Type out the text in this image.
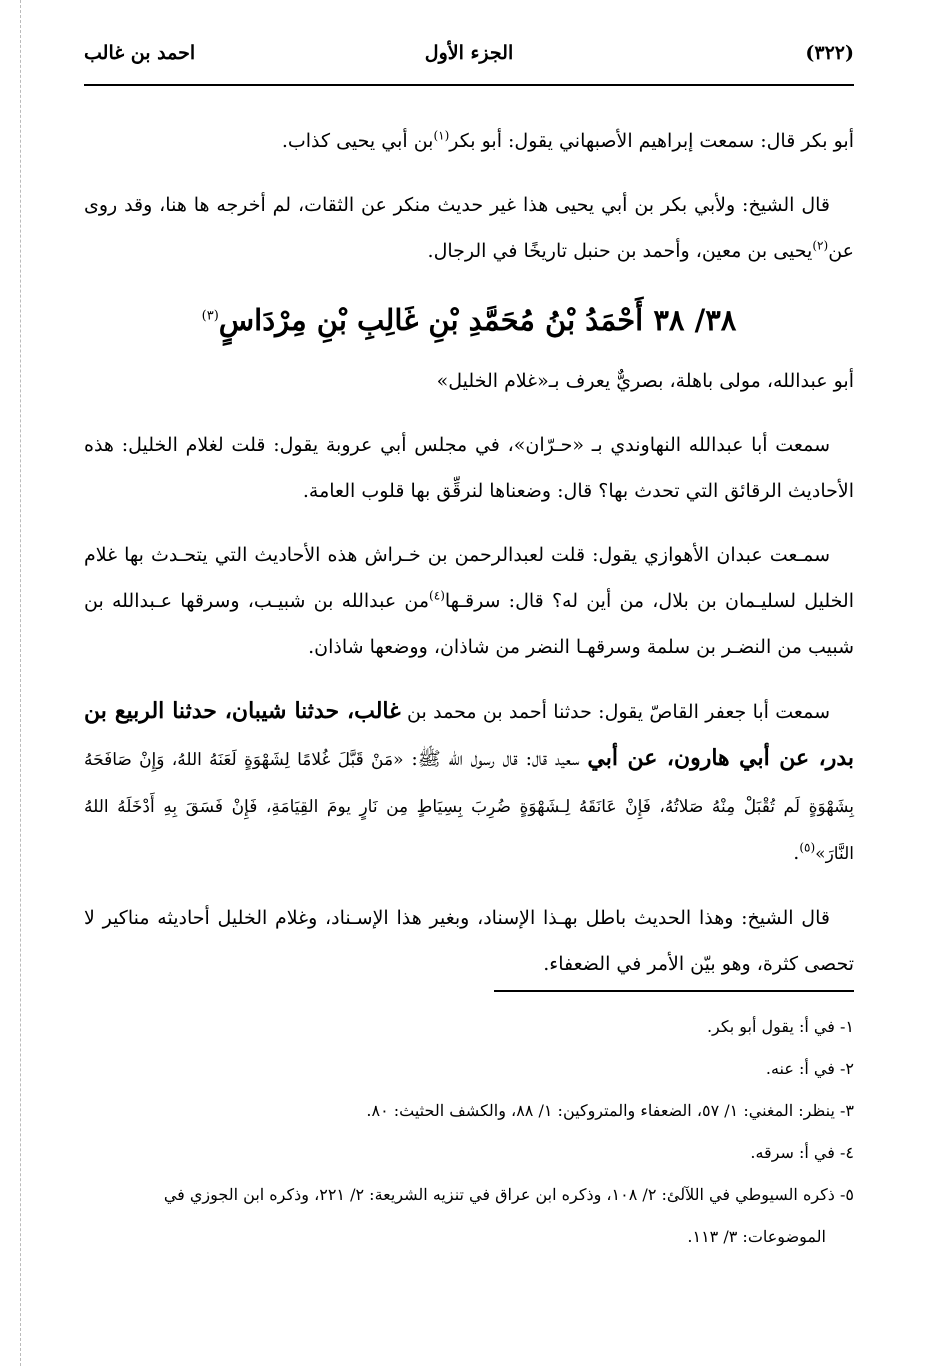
(٣٢٢)
الجزء الأول
احمد بن غالب

أبو بكر قال: سمعت إبراهيم الأصبهاني يقول: أبو بكر$^{(١)}$بن أبي يحيى كذاب.

قال الشيخ: ولأبي بكر بن أبي يحيى هذا غير حديث منكر عن الثقات، لم أخرجه ها هنا، وقد روى عن$^{(٢)}$يحيى بن معين، وأحمد بن حنبل تاريخًا في الرجال.

٣٨/ ٣٨ أَحْمَدُ بْنُ مُحَمَّدِ بْنِ غَالِبِ بْنِ مِرْدَاسٍ$^{(٣)}$

أبو عبدالله، مولى باهلة، بصريٌّ يعرف بـ«غلام الخليل»

سمعت أبا عبدالله النهاوندي بـ «حـرّان»، في مجلس أبي عروبة يقول: قلت لغلام الخليل: هذه الأحاديث الرقائق التي تحدث بها؟ قال: وضعناها لنرقِّق بها قلوب العامة.

سمـعت عبدان الأهوازي يقول: قلت لعبدالرحمن بن خـراش هذه الأحاديث التي يتحـدث بها غلام الخليل لسليـمان بن بلال، من أين له؟ قال: سرقـها$^{(٤)}$من عبدالله بن شبيـب، وسرقها عـبدالله بن شبيب من النضـر بن سلمة وسرقهـا النضر من شاذان، ووضعها شاذان.

سمعت أبا جعفر القاصّ يقول: حدثنا أحمد بن محمد بن غالب، حدثنا شيبان، حدثنا الربيع بن بدر، عن أبي هارون، عن أبي سعيد قال: قال رسول الله ﷺ: «مَنْ قَبَّلَ غُلامًا لِشَهْوَةٍ لَعَنَهُ اللهُ، وَإِنْ صَافَحَهُ بِشَهْوَةٍ لَم تُقْبَلْ مِنْهُ صَلاتُهُ، فَإِنْ عَانَقَهُ لِـشَهْوَةٍ ضُرِبَ بِسِيَاطٍ مِن نَارٍ يومَ القِيَامَةِ، فَإِنْ فَسَقَ بِهِ أَدْخَلَهُ اللهُ النَّارَ»$^{(٥)}$.

قال الشيخ: وهذا الحديث باطل بهـذا الإسناد، وبغير هذا الإسـناد، وغلام الخليل أحاديثه مناكير لا تحصى كثرة، وهو بيّن الأمر في الضعفاء.

١- في أ: يقول أبو بكر.
٢- في أ: عنه.
٣- ينظر: المغني: ١/ ٥٧، الضعفاء والمتروكين: ١/ ٨٨، والكشف الحثيث: ٨٠.
٤- في أ: سرقه.
٥- ذكره السيوطي في اللآلئ: ٢/ ١٠٨، وذكره ابن عراق في تنزيه الشريعة: ٢/ ٢٢١، وذكره ابن الجوزي في الموضوعات: ٣/ ١١٣.
